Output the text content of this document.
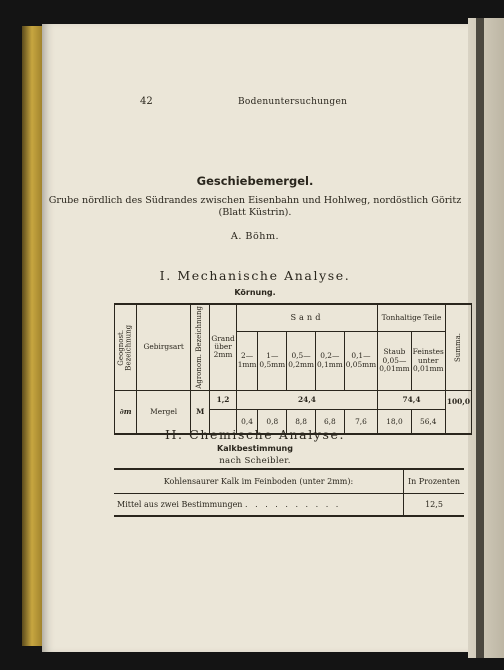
42	Bodenuntersuchungen
Geschiebemergel.
Grube nördlich des Südrandes zwischen Eisenbahn und Hohlweg, nordöstlich Göritz
(Blatt Küstrin).
A. Böhm.
I. Mechanische Analyse.
Körnung.
Geognost. Bezeichnung	Gebirgsart	Agronom. Bezeichnung	Grand über 2mm	Sand					Tonhaltige Teile		Summa.

				2— 1mm	1— 0,5mm	0,5— 0,2mm	0,2— 0,1mm	0,1— 0,05mm	Staub 0,05— 0,01mm	Feinstes unter 0,01mm	
∂m	Mergel	M	1,2	24,4					74,4		100,0
				0,4	0,8	8,8	6,8	7,6	18,0	56,4	
II. Chemische Analyse.
Kalkbestimmung
nach Scheibler.
Kohlensaurer Kalk im Feinboden (unter 2mm):	In Prozenten
Mittel aus zwei Bestimmungen . . . . . . . . . .	12,5
